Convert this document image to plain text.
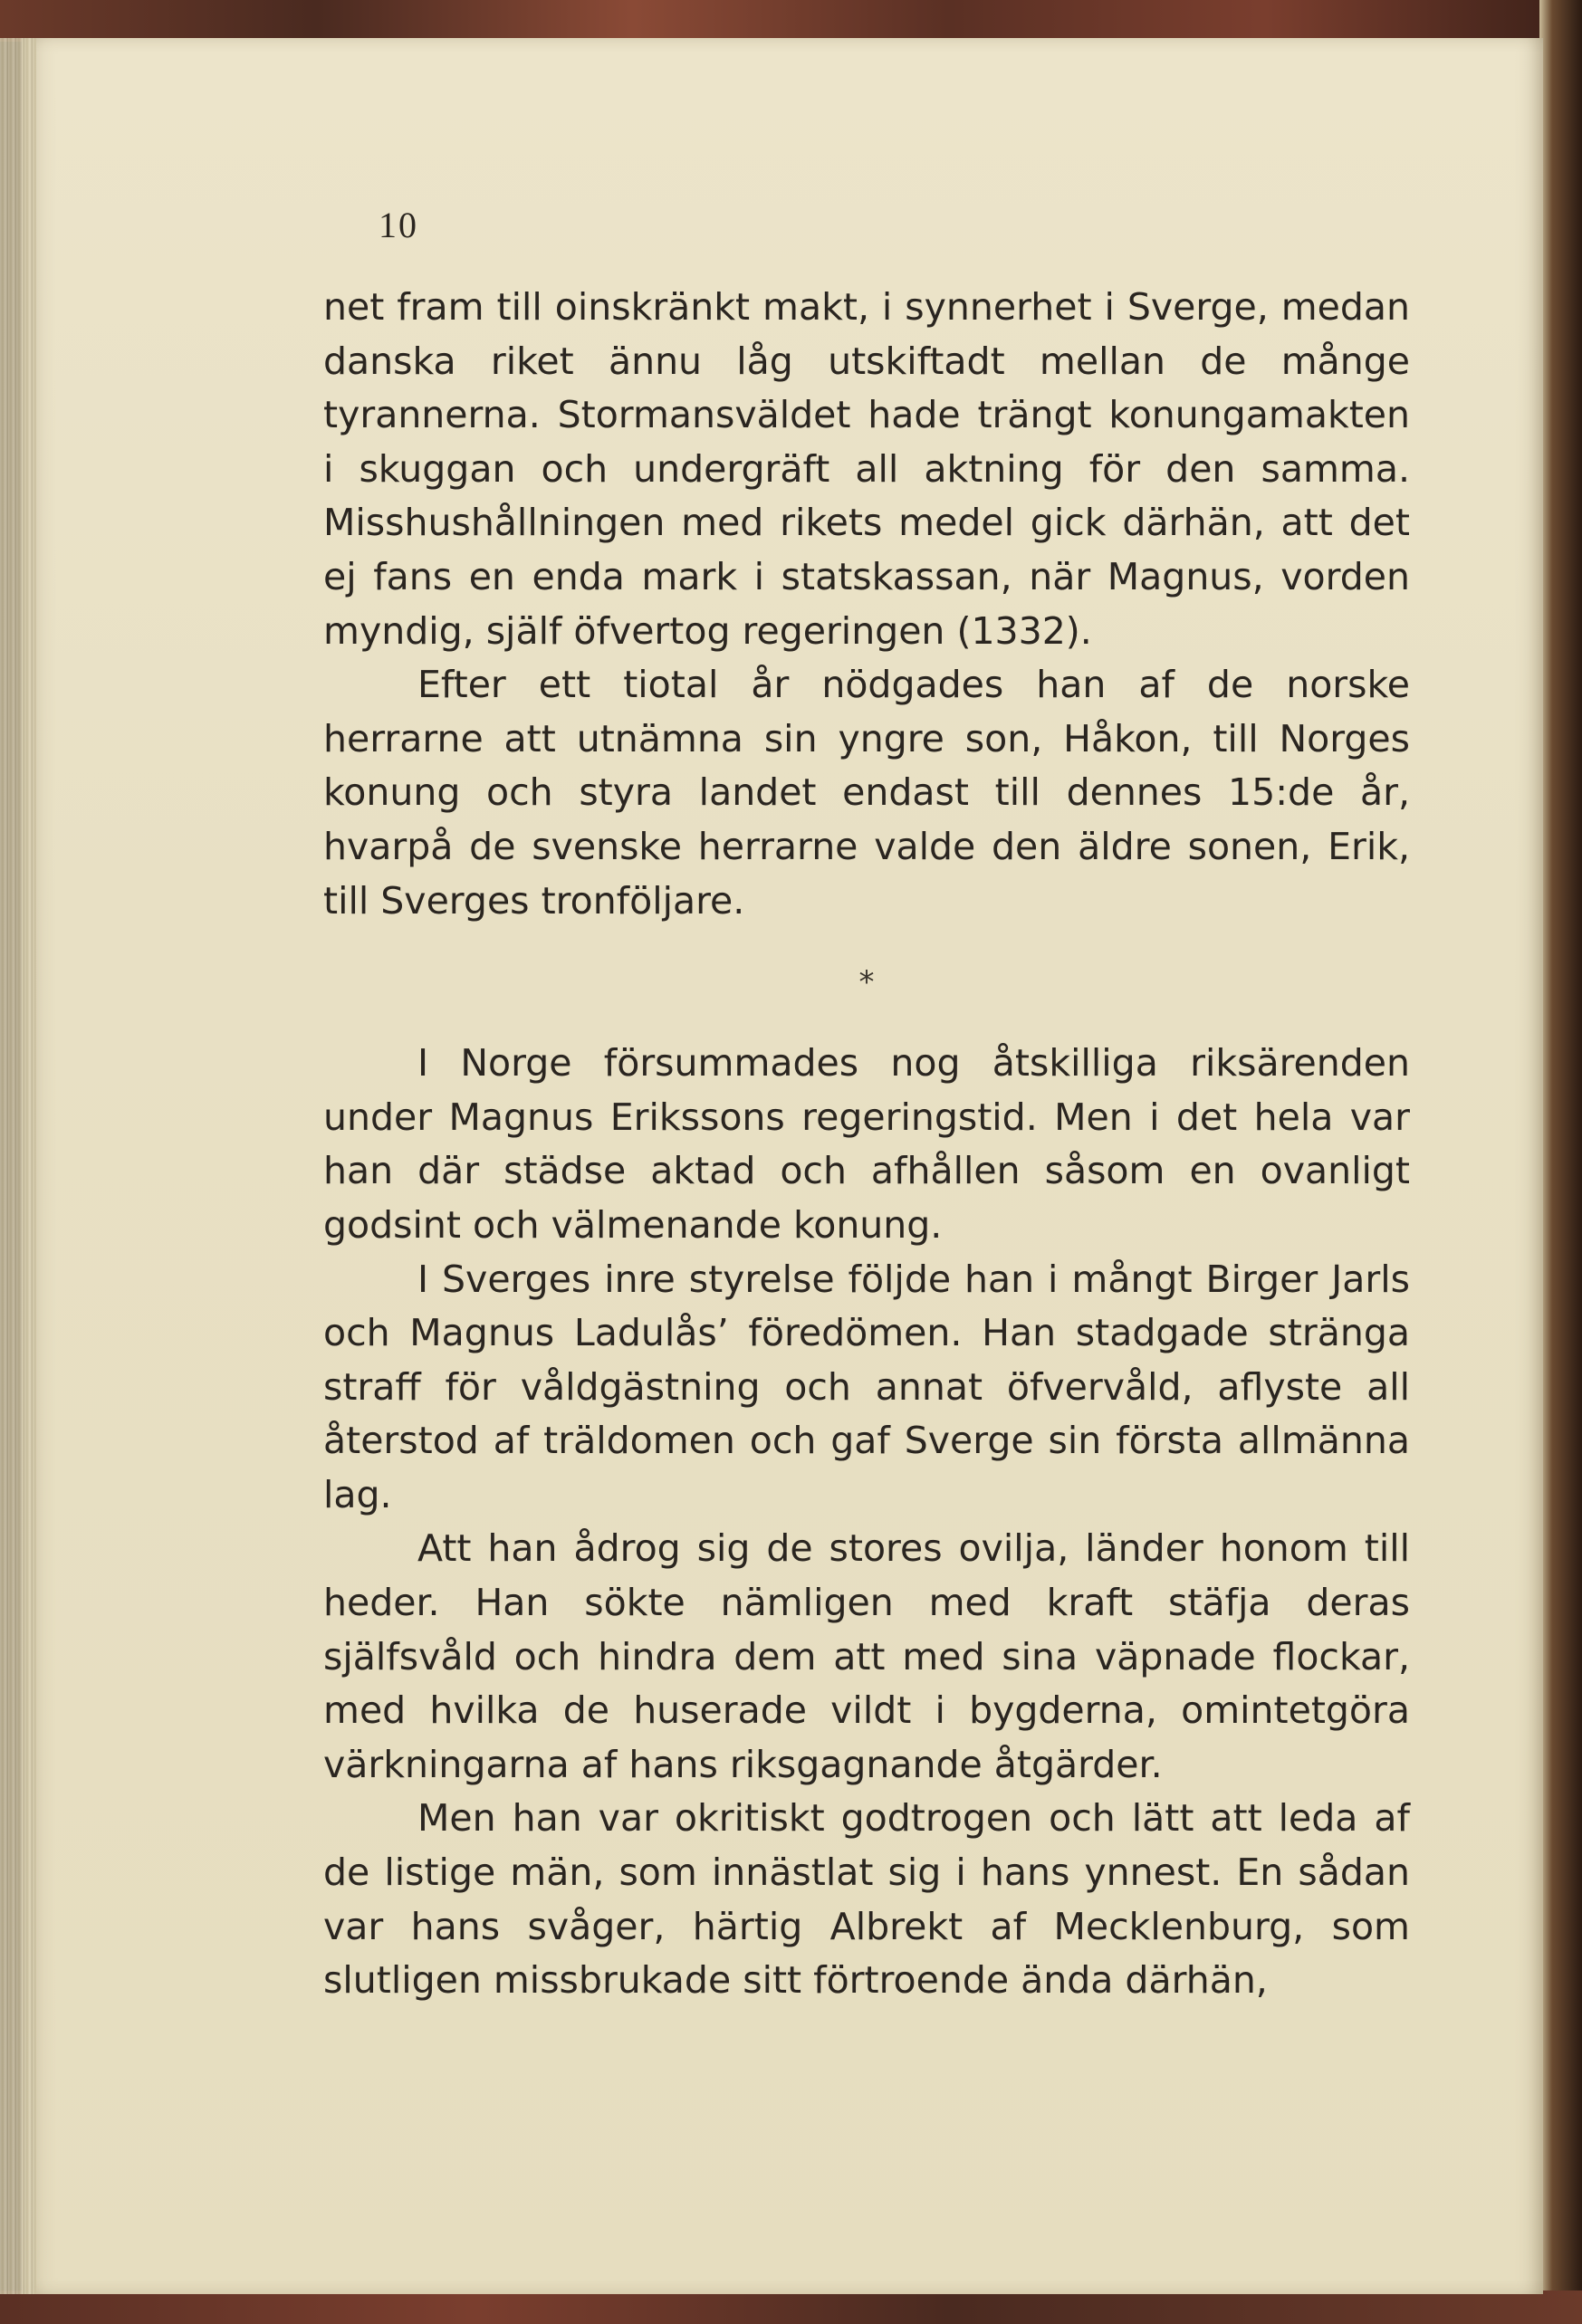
10

net fram till oinskränkt makt, i synnerhet i Sverge, medan danska riket ännu låg utskiftadt mellan de månge tyrannerna. Stormansväldet hade trängt konungamakten i skuggan och undergräft all aktning för den samma. Misshushållningen med rikets medel gick därhän, att det ej fans en enda mark i statskassan, när Magnus, vorden myndig, själf öfvertog regeringen (1332).

Efter ett tiotal år nödgades han af de norske herrarne att utnämna sin yngre son, Håkon, till Norges konung och styra landet endast till dennes 15:de år, hvarpå de svenske herrarne valde den äldre sonen, Erik, till Sverges tronföljare.

*

I Norge försummades nog åtskilliga riksärenden under Magnus Erikssons regeringstid. Men i det hela var han där städse aktad och afhållen såsom en ovanligt godsint och välmenande konung.

I Sverges inre styrelse följde han i mångt Birger Jarls och Magnus Ladulås’ föredömen. Han stadgade stränga straff för våldgästning och annat öfvervåld, aflyste all återstod af träldomen och gaf Sverge sin första allmänna lag.

Att han ådrog sig de stores ovilja, länder honom till heder. Han sökte nämligen med kraft stäfja deras själfsvåld och hindra dem att med sina väpnade flockar, med hvilka de huserade vildt i bygderna, omintetgöra värkningarna af hans riksgagnande åtgärder.

Men han var okritiskt godtrogen och lätt att leda af de listige män, som innästlat sig i hans ynnest. En sådan var hans svåger, härtig Albrekt af Mecklenburg, som slutligen missbrukade sitt förtroende ända därhän,
